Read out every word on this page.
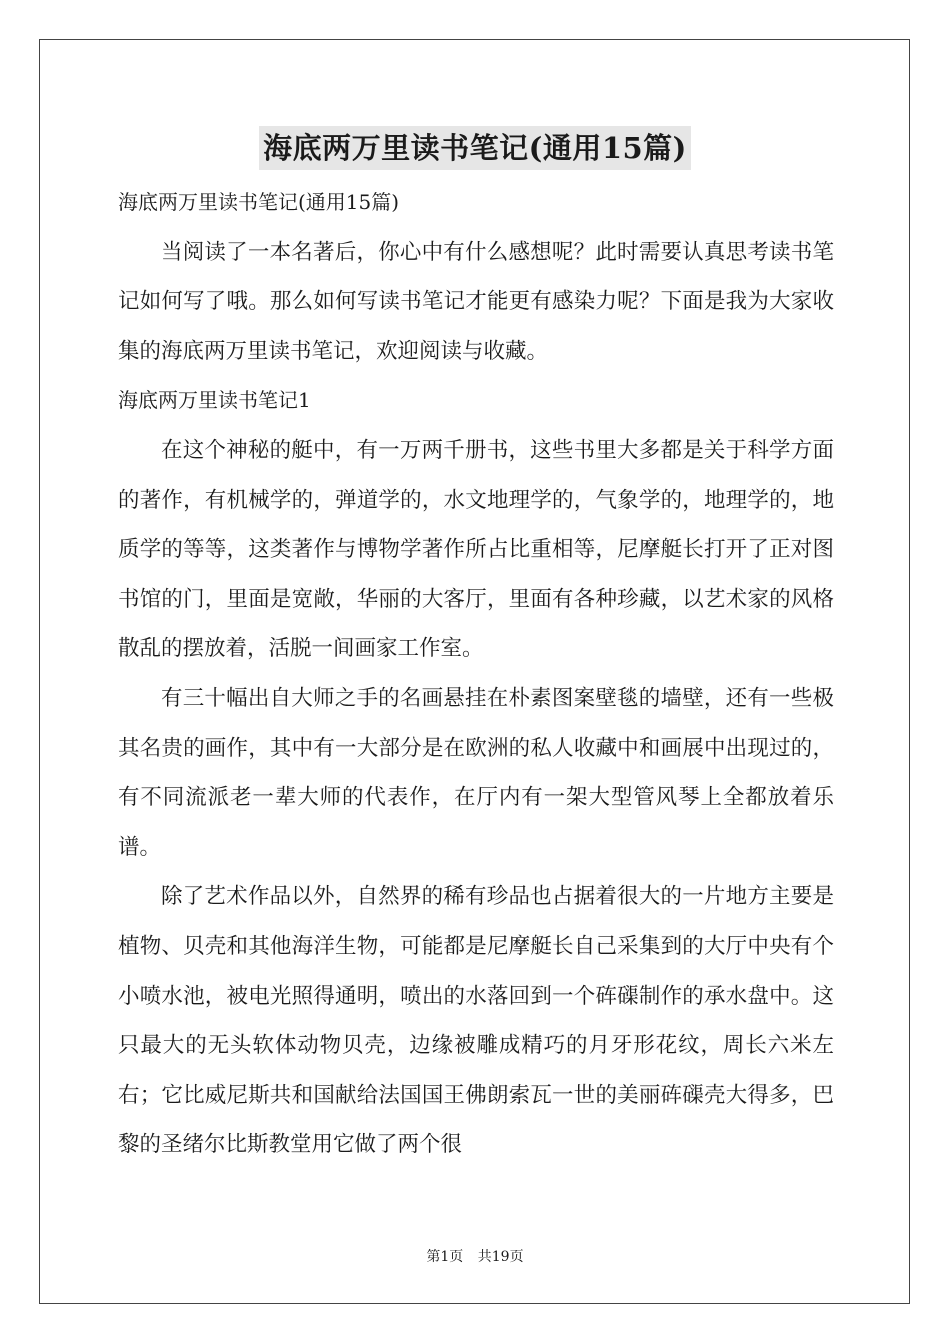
海底两万里读书笔记(通用15篇)

海底两万里读书笔记(通用15篇)

当阅读了一本名著后，你心中有什么感想呢？此时需要认真思考读书笔记如何写了哦。那么如何写读书笔记才能更有感染力呢？下面是我为大家收集的海底两万里读书笔记，欢迎阅读与收藏。

海底两万里读书笔记1

在这个神秘的艇中，有一万两千册书，这些书里大多都是关于科学方面的著作，有机械学的，弹道学的，水文地理学的，气象学的，地理学的，地质学的等等，这类著作与博物学著作所占比重相等，尼摩艇长打开了正对图书馆的门，里面是宽敞，华丽的大客厅，里面有各种珍藏，以艺术家的风格散乱的摆放着，活脱一间画家工作室。

有三十幅出自大师之手的名画悬挂在朴素图案壁毯的墙壁，还有一些极其名贵的画作，其中有一大部分是在欧洲的私人收藏中和画展中出现过的，有不同流派老一辈大师的代表作，在厅内有一架大型管风琴上全都放着乐谱。

除了艺术作品以外，自然界的稀有珍品也占据着很大的一片地方主要是植物、贝壳和其他海洋生物，可能都是尼摩艇长自己采集到的大厅中央有个小喷水池，被电光照得通明，喷出的水落回到一个砗磲制作的承水盘中。这只最大的无头软体动物贝壳，边缘被雕成精巧的月牙形花纹，周长六米左右；它比威尼斯共和国献给法国国王佛朗索瓦一世的美丽砗磲壳大得多，巴黎的圣绪尔比斯教堂用它做了两个很

第1页 共19页
